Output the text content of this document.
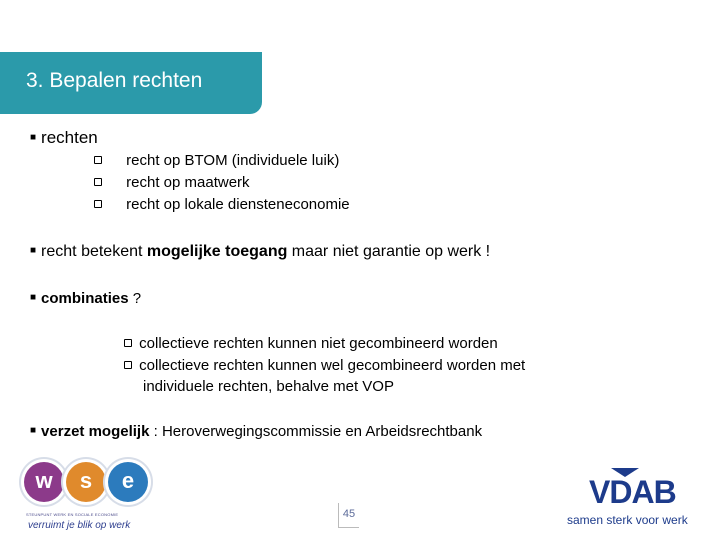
3. Bepalen rechten
■ rechten
recht op BTOM (individuele luik)
recht op maatwerk
recht op lokale diensteneconomie
■ recht betekent mogelijke toegang maar niet garantie op werk !
■ combinaties ?
collectieve rechten kunnen niet gecombineerd worden
collectieve rechten kunnen wel gecombineerd worden met
individuele rechten, behalve met VOP
■ verzet mogelijk : Heroverwegingscommissie en Arbeidsrechtbank
45
w	s	e
STEUNPUNT WERK EN SOCIALE ECONOMIE
verruimt je blik op werk
VDAB
samen sterk voor werk
